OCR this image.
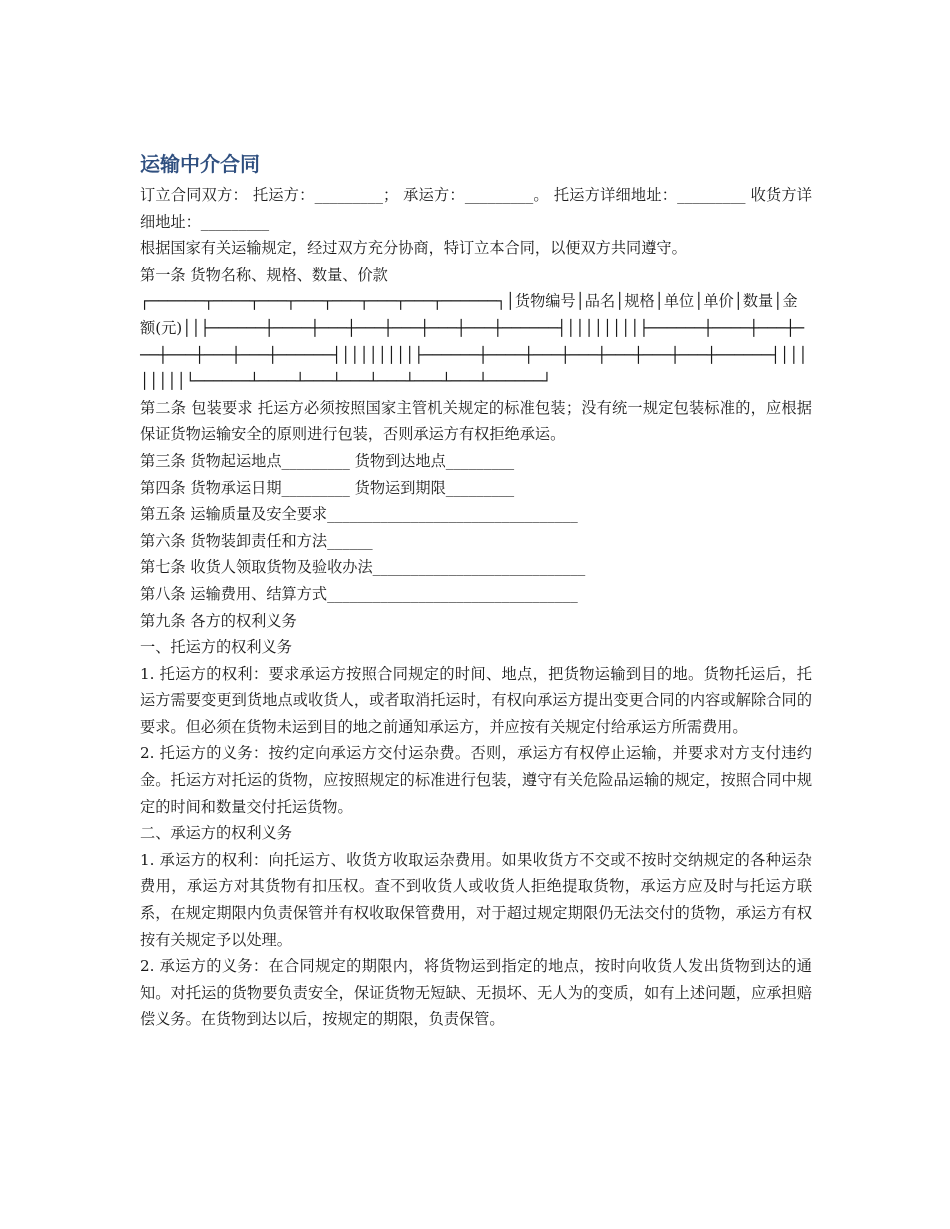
运输中介合同

订立合同双方： 托运方：_________； 承运方：_________。 托运方详细地址：_________ 收货方详细地址：_________

根据国家有关运输规定，经过双方充分协商，特订立本合同，以便双方共同遵守。

第一条 货物名称、规格、数量、价款

┌──────┬────┬───┬───┬───┬───┬───┬──────┐│货物编号│品名│规格│单位│单价│数量│金额(元)││├──────┼────┼───┼───┼───┼───┼───┼──────┤││││││││├──────┼────┼───┼───┼───┼───┼───┼──────┤││││││││├──────┼────┼───┼───┼───┼───┼───┼──────┤││││││││└──────┴────┴───┴───┴───┴───┴───┴──────┘

第二条 包装要求 托运方必须按照国家主管机关规定的标准包装；没有统一规定包装标准的，应根据保证货物运输安全的原则进行包装，否则承运方有权拒绝承运。

第三条 货物起运地点_________ 货物到达地点_________

第四条 货物承运日期_________ 货物运到期限_________

第五条 运输质量及安全要求_________________________________

第六条 货物装卸责任和方法______

第七条 收货人领取货物及验收办法____________________________

第八条 运输费用、结算方式_________________________________

第九条 各方的权利义务

一、托运方的权利义务

1. 托运方的权利：要求承运方按照合同规定的时间、地点，把货物运输到目的地。货物托运后，托运方需要变更到货地点或收货人，或者取消托运时，有权向承运方提出变更合同的内容或解除合同的要求。但必须在货物未运到目的地之前通知承运方，并应按有关规定付给承运方所需费用。

2. 托运方的义务：按约定向承运方交付运杂费。否则，承运方有权停止运输，并要求对方支付违约金。托运方对托运的货物，应按照规定的标准进行包装，遵守有关危险品运输的规定，按照合同中规定的时间和数量交付托运货物。

二、承运方的权利义务

1. 承运方的权利：向托运方、收货方收取运杂费用。如果收货方不交或不按时交纳规定的各种运杂费用，承运方对其货物有扣压权。查不到收货人或收货人拒绝提取货物，承运方应及时与托运方联系，在规定期限内负责保管并有权收取保管费用，对于超过规定期限仍无法交付的货物，承运方有权按有关规定予以处理。

2. 承运方的义务：在合同规定的期限内，将货物运到指定的地点，按时向收货人发出货物到达的通知。对托运的货物要负责安全，保证货物无短缺、无损坏、无人为的变质，如有上述问题，应承担赔偿义务。在货物到达以后，按规定的期限，负责保管。
